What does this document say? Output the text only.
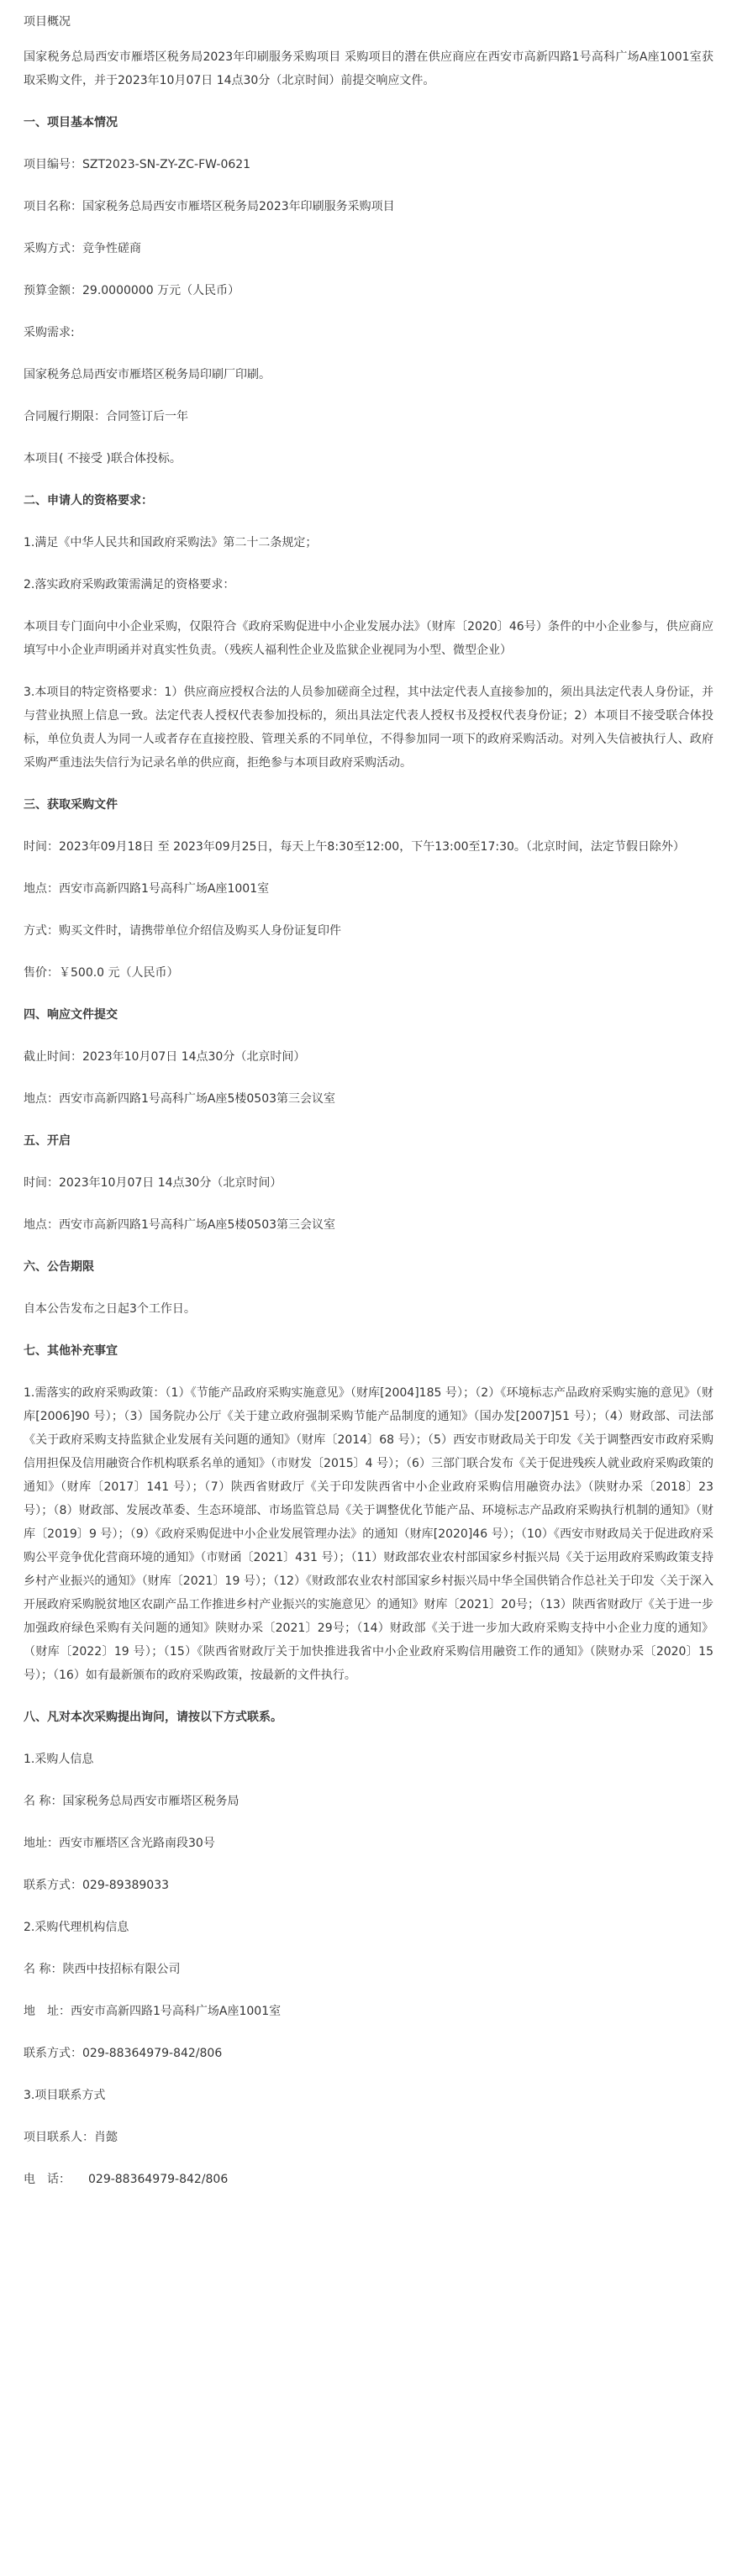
项目概况

国家税务总局西安市雁塔区税务局2023年印刷服务采购项目 采购项目的潜在供应商应在西安市高新四路1号高科广场A座1001室获取采购文件，并于2023年10月07日 14点30分（北京时间）前提交响应文件。

一、项目基本情况

项目编号：SZT2023-SN-ZY-ZC-FW-0621

项目名称：国家税务总局西安市雁塔区税务局2023年印刷服务采购项目

采购方式：竞争性磋商

预算金额：29.0000000 万元（人民币）

采购需求:

国家税务总局西安市雁塔区税务局印刷厂印刷。

合同履行期限：合同签订后一年

本项目( 不接受 )联合体投标。

二、申请人的资格要求：

1.满足《中华人民共和国政府采购法》第二十二条规定；

2.落实政府采购政策需满足的资格要求：

本项目专门面向中小企业采购，仅限符合《政府采购促进中小企业发展办法》（财库〔2020〕46号）条件的中小企业参与，供应商应填写中小企业声明函并对真实性负责。（残疾人福利性企业及监狱企业视同为小型、微型企业）

3.本项目的特定资格要求：1）供应商应授权合法的人员参加磋商全过程，其中法定代表人直接参加的，须出具法定代表人身份证，并与营业执照上信息一致。法定代表人授权代表参加投标的，须出具法定代表人授权书及授权代表身份证；2）本项目不接受联合体投标，单位负责人为同一人或者存在直接控股、管理关系的不同单位，不得参加同一项下的政府采购活动。对列入失信被执行人、政府采购严重违法失信行为记录名单的供应商，拒绝参与本项目政府采购活动。

三、获取采购文件

时间：2023年09月18日 至 2023年09月25日，每天上午8:30至12:00，下午13:00至17:30。（北京时间，法定节假日除外）

地点：西安市高新四路1号高科广场A座1001室

方式：购买文件时，请携带单位介绍信及购买人身份证复印件

售价：￥500.0 元（人民币）

四、响应文件提交

截止时间：2023年10月07日 14点30分（北京时间）

地点：西安市高新四路1号高科广场A座5楼0503第三会议室

五、开启

时间：2023年10月07日 14点30分（北京时间）

地点：西安市高新四路1号高科广场A座5楼0503第三会议室

六、公告期限

自本公告发布之日起3个工作日。

七、其他补充事宜

1.需落实的政府采购政策：（1）《节能产品政府采购实施意见》（财库[2004]185 号）；（2）《环境标志产品政府采购实施的意见》（财库[2006]90 号）；（3）国务院办公厅《关于建立政府强制采购节能产品制度的通知》（国办发[2007]51 号）；（4）财政部、司法部《关于政府采购支持监狱企业发展有关问题的通知》（财库〔2014〕68 号）；（5）西安市财政局关于印发《关于调整西安市政府采购信用担保及信用融资合作机构联系名单的通知》（市财发〔2015〕4 号）；（6）三部门联合发布《关于促进残疾人就业政府采购政策的通知》（财库〔2017〕141 号）；（7）陕西省财政厅《关于印发陕西省中小企业政府采购信用融资办法》（陕财办采〔2018〕23 号）；（8）财政部、发展改革委、生态环境部、市场监管总局《关于调整优化节能产品、环境标志产品政府采购执行机制的通知》（财库〔2019〕9 号）；（9）《政府采购促进中小企业发展管理办法》的通知（财库[2020]46 号）；（10）《西安市财政局关于促进政府采购公平竞争优化营商环境的通知》（市财函〔2021〕431 号）；（11）财政部农业农村部国家乡村振兴局《关于运用政府采购政策支持乡村产业振兴的通知》（财库〔2021〕19 号）；（12）《财政部农业农村部国家乡村振兴局中华全国供销合作总社关于印发〈关于深入开展政府采购脱贫地区农副产品工作推进乡村产业振兴的实施意见〉的通知》财库〔2021〕20号；（13）陕西省财政厅《关于进一步加强政府绿色采购有关问题的通知》陕财办采〔2021〕29号；（14）财政部《关于进一步加大政府采购支持中小企业力度的通知》（财库〔2022〕19 号）；（15）《陕西省财政厅关于加快推进我省中小企业政府采购信用融资工作的通知》（陕财办采〔2020〕15 号）；（16）如有最新颁布的政府采购政策，按最新的文件执行。

八、凡对本次采购提出询问，请按以下方式联系。

1.采购人信息

名 称：国家税务总局西安市雁塔区税务局

地址：西安市雁塔区含光路南段30号

联系方式：029-89389033

2.采购代理机构信息

名 称：陕西中技招标有限公司

地　址：西安市高新四路1号高科广场A座1001室

联系方式：029-88364979-842/806

3.项目联系方式

项目联系人：肖懿

电　话：　　029-88364979-842/806
